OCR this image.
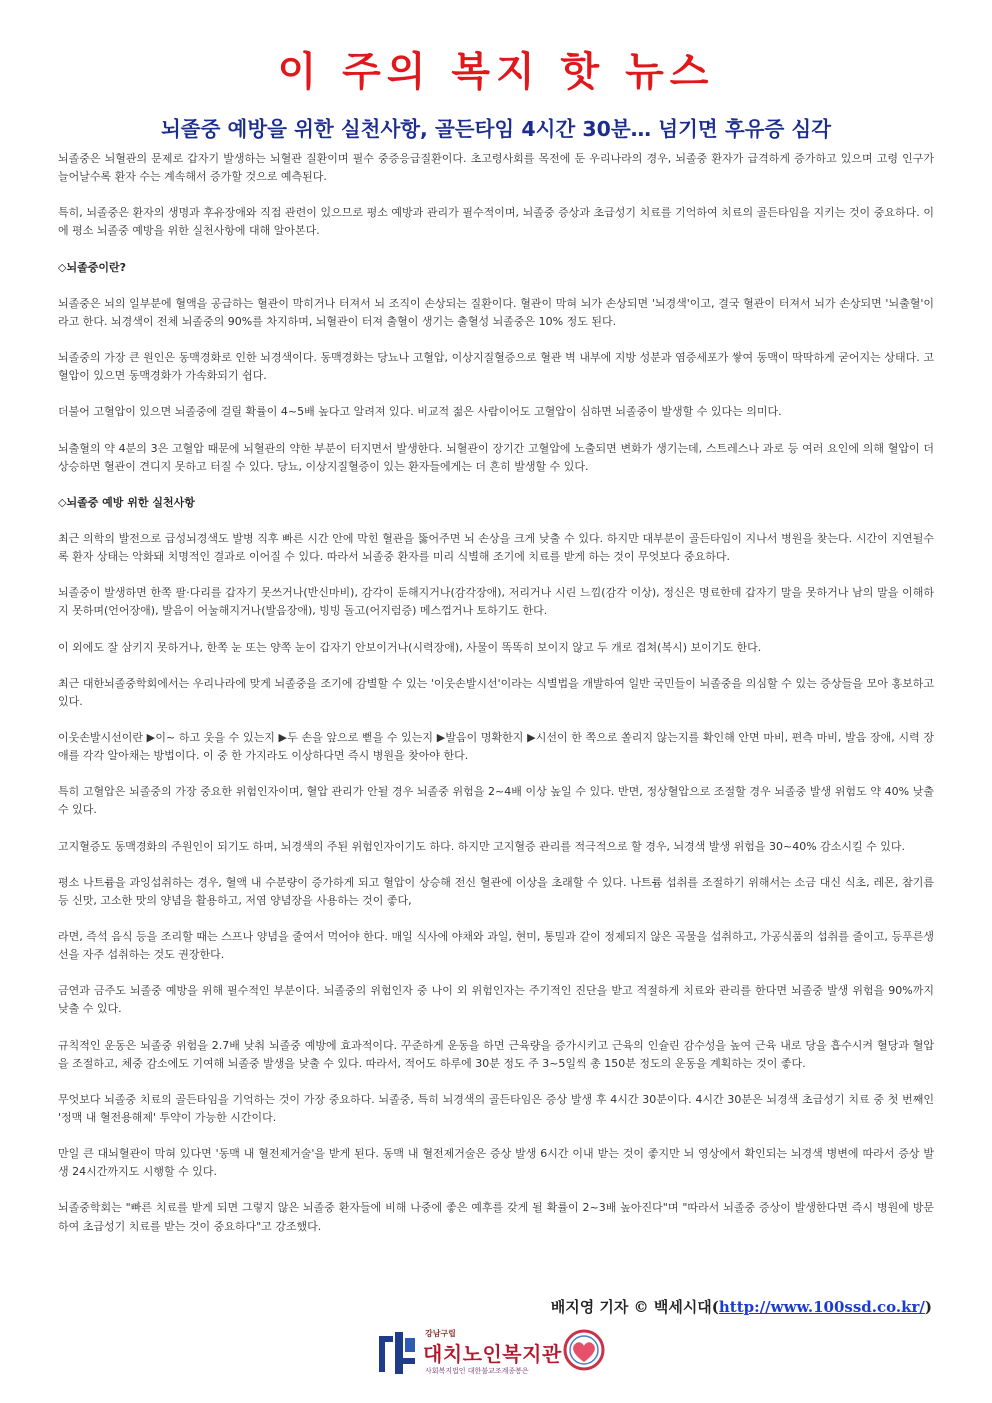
이 주의 복지 핫 뉴스
뇌졸중 예방을 위한 실천사항, 골든타임 4시간 30분… 넘기면 후유증 심각

뇌졸중은 뇌혈관의 문제로 갑자기 발생하는 뇌혈관 질환이며 필수 중증응급질환이다. 초고령사회를 목전에 둔 우리나라의 경우, 뇌졸중 환자가 급격하게 증가하고 있으며 고령 인구가 늘어날수록 환자 수는 계속해서 증가할 것으로 예측된다.

특히, 뇌졸중은 환자의 생명과 후유장애와 직접 관련이 있으므로 평소 예방과 관리가 필수적이며, 뇌졸중 증상과 초급성기 치료를 기억하여 치료의 골든타임을 지키는 것이 중요하다. 이에 평소 뇌졸중 예방을 위한 실천사항에 대해 알아본다.

◇뇌졸중이란?

뇌졸중은 뇌의 일부분에 혈액을 공급하는 혈관이 막히거나 터져서 뇌 조직이 손상되는 질환이다. 혈관이 막혀 뇌가 손상되면 '뇌경색'이고, 결국 혈관이 터져서 뇌가 손상되면 '뇌출혈'이라고 한다. 뇌경색이 전체 뇌졸중의 90%를 차지하며, 뇌혈관이 터져 출혈이 생기는 출혈성 뇌졸중은 10% 정도 된다.

뇌졸중의 가장 큰 원인은 동맥경화로 인한 뇌경색이다. 동맥경화는 당뇨나 고혈압, 이상지질혈증으로 혈관 벽 내부에 지방 성분과 염증세포가 쌓여 동맥이 딱딱하게 굳어지는 상태다. 고혈압이 있으면 동맥경화가 가속화되기 쉽다.

더불어 고혈압이 있으면 뇌졸중에 걸릴 확률이 4~5배 높다고 알려져 있다. 비교적 젊은 사람이어도 고혈압이 심하면 뇌졸중이 발생할 수 있다는 의미다.

뇌출혈의 약 4분의 3은 고혈압 때문에 뇌혈관의 약한 부분이 터지면서 발생한다. 뇌혈관이 장기간 고혈압에 노출되면 변화가 생기는데, 스트레스나 과로 등 여러 요인에 의해 혈압이 더 상승하면 혈관이 견디지 못하고 터질 수 있다. 당뇨, 이상지질혈증이 있는 환자들에게는 더 흔히 발생할 수 있다.

◇뇌졸중 예방 위한 실천사항

최근 의학의 발전으로 급성뇌경색도 발병 직후 빠른 시간 안에 막힌 혈관을 뚫어주면 뇌 손상을 크게 낮출 수 있다. 하지만 대부분이 골든타임이 지나서 병원을 찾는다. 시간이 지연될수록 환자 상태는 악화돼 치명적인 결과로 이어질 수 있다. 따라서 뇌졸중 환자를 미리 식별해 조기에 치료를 받게 하는 것이 무엇보다 중요하다.

뇌졸중이 발생하면 한쪽 팔·다리를 갑자기 못쓰거나(반신마비), 감각이 둔해지거나(감각장애), 저리거나 시린 느낌(감각 이상), 정신은 명료한데 갑자기 말을 못하거나 남의 말을 이해하지 못하며(언어장애), 발음이 어눌해지거나(발음장애), 빙빙 돌고(어지럼증) 메스껍거나 토하기도 한다.

이 외에도 잘 삼키지 못하거나, 한쪽 눈 또는 양쪽 눈이 갑자기 안보이거나(시력장애), 사물이 똑똑히 보이지 않고 두 개로 겹쳐(복시) 보이기도 한다.

최근 대한뇌졸중학회에서는 우리나라에 맞게 뇌졸중을 조기에 감별할 수 있는 '이웃손발시선'이라는 식별법을 개발하여 일반 국민들이 뇌졸중을 의심할 수 있는 증상들을 모아 홍보하고 있다.

이웃손발시선이란 ▶이~ 하고 웃을 수 있는지 ▶두 손을 앞으로 뻗을 수 있는지 ▶발음이 명확한지 ▶시선이 한 쪽으로 쏠리지 않는지를 확인해 안면 마비, 편측 마비, 발음 장애, 시력 장애를 각각 알아채는 방법이다. 이 중 한 가지라도 이상하다면 즉시 병원을 찾아야 한다.

특히 고혈압은 뇌졸중의 가장 중요한 위험인자이며, 혈압 관리가 안될 경우 뇌졸중 위험을 2~4배 이상 높일 수 있다. 반면, 정상혈압으로 조절할 경우 뇌졸중 발생 위험도 약 40% 낮출 수 있다.

고지혈증도 동맥경화의 주원인이 되기도 하며, 뇌경색의 주된 위험인자이기도 하다. 하지만 고지혈증 관리를 적극적으로 할 경우, 뇌경색 발생 위험을 30~40% 감소시킬 수 있다.

평소 나트륨을 과잉섭취하는 경우, 혈액 내 수분량이 증가하게 되고 혈압이 상승해 전신 혈관에 이상을 초래할 수 있다. 나트륨 섭취를 조절하기 위해서는 소금 대신 식초, 레몬, 참기름 등 신맛, 고소한 맛의 양념을 활용하고, 저염 양념장을 사용하는 것이 좋다,

라면, 즉석 음식 등을 조리할 때는 스프나 양념을 줄여서 먹어야 한다. 매일 식사에 야채와 과일, 현미, 통밀과 같이 정제되지 않은 곡물을 섭취하고, 가공식품의 섭취를 줄이고, 등푸른생선을 자주 섭취하는 것도 권장한다.

금연과 금주도 뇌졸중 예방을 위해 필수적인 부분이다. 뇌졸중의 위험인자 중 나이 외 위험인자는 주기적인 진단을 받고 적절하게 치료와 관리를 한다면 뇌졸중 발생 위험을 90%까지 낮출 수 있다.

규칙적인 운동은 뇌졸중 위험을 2.7배 낮춰 뇌졸중 예방에 효과적이다. 꾸준하게 운동을 하면 근육량을 증가시키고 근육의 인슐린 감수성을 높여 근육 내로 당을 흡수시켜 혈당과 혈압을 조절하고, 체중 감소에도 기여해 뇌졸중 발생을 낮출 수 있다. 따라서, 적어도 하루에 30분 정도 주 3~5일씩 총 150분 정도의 운동을 계획하는 것이 좋다.

무엇보다 뇌졸중 치료의 골든타임을 기억하는 것이 가장 중요하다. 뇌졸중, 특히 뇌경색의 골든타임은 증상 발생 후 4시간 30분이다. 4시간 30분은 뇌경색 초급성기 치료 중 첫 번째인 '정맥 내 혈전용해제' 투약이 가능한 시간이다.

만일 큰 대뇌혈관이 막혀 있다면 '동맥 내 혈전제거술'을 받게 된다. 동맥 내 혈전제거술은 증상 발생 6시간 이내 받는 것이 좋지만 뇌 영상에서 확인되는 뇌경색 병변에 따라서 증상 발생 24시간까지도 시행할 수 있다.

뇌졸중학회는 "빠른 치료를 받게 되면 그렇지 않은 뇌졸중 환자들에 비해 나중에 좋은 예후를 갖게 될 확률이 2~3배 높아진다"며 "따라서 뇌졸중 증상이 발생한다면 즉시 병원에 방문하여 초급성기 치료를 받는 것이 중요하다"고 강조했다.

배지영 기자 © 백세시대(http://www.100ssd.co.kr/)
강남구립
대치노인복지관
사회복지법인 대한불교조계종봉은
